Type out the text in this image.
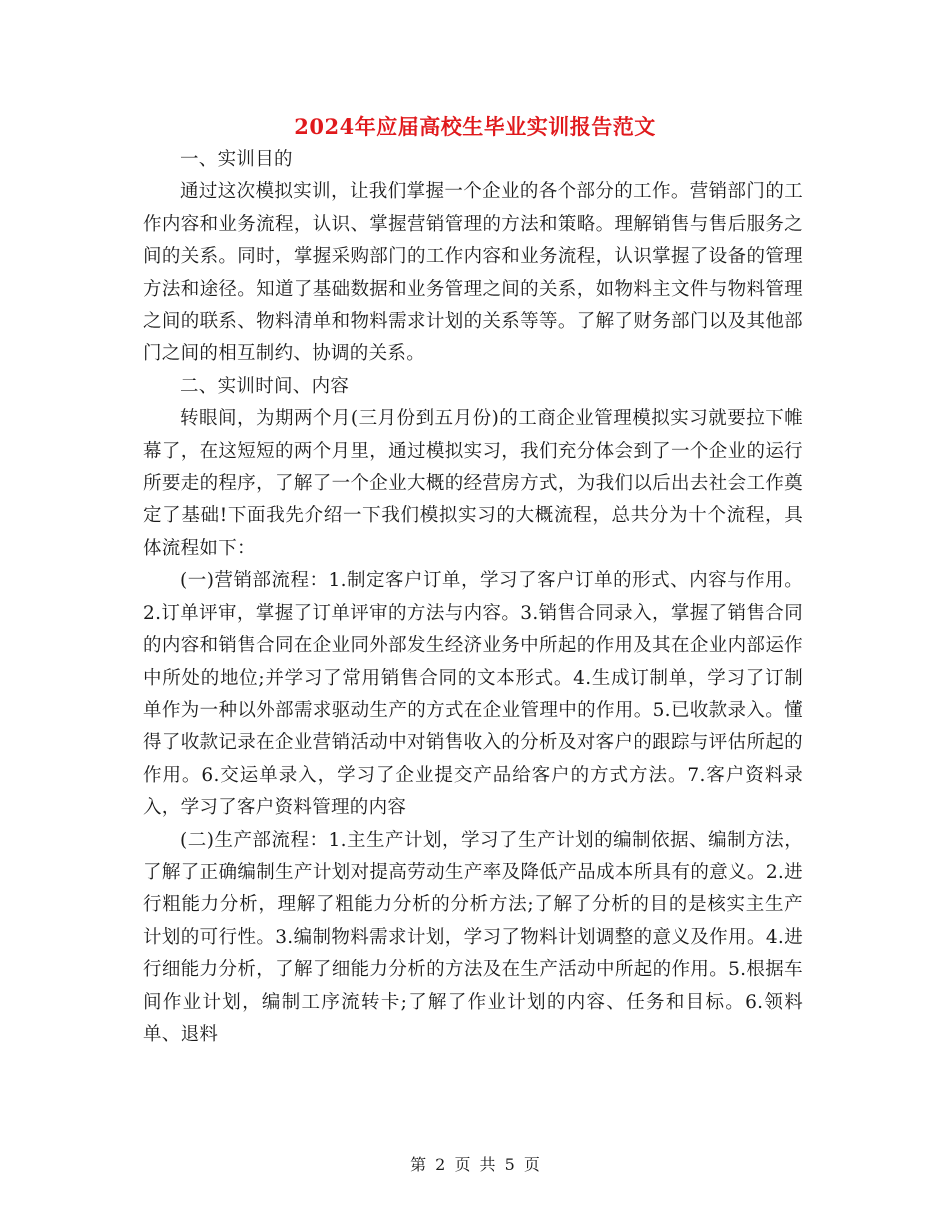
2024年应届高校生毕业实训报告范文

一、实训目的

通过这次模拟实训，让我们掌握一个企业的各个部分的工作。营销部门的工作内容和业务流程，认识、掌握营销管理的方法和策略。理解销售与售后服务之间的关系。同时，掌握采购部门的工作内容和业务流程，认识掌握了设备的管理方法和途径。知道了基础数据和业务管理之间的关系，如物料主文件与物料管理之间的联系、物料清单和物料需求计划的关系等等。了解了财务部门以及其他部门之间的相互制约、协调的关系。

二、实训时间、内容

转眼间，为期两个月(三月份到五月份)的工商企业管理模拟实习就要拉下帷幕了，在这短短的两个月里，通过模拟实习，我们充分体会到了一个企业的运行所要走的程序，了解了一个企业大概的经营房方式，为我们以后出去社会工作奠定了基础!下面我先介绍一下我们模拟实习的大概流程，总共分为十个流程，具体流程如下：

(一)营销部流程：1.制定客户订单，学习了客户订单的形式、内容与作用。2.订单评审，掌握了订单评审的方法与内容。3.销售合同录入，掌握了销售合同的内容和销售合同在企业同外部发生经济业务中所起的作用及其在企业内部运作中所处的地位;并学习了常用销售合同的文本形式。4.生成订制单，学习了订制单作为一种以外部需求驱动生产的方式在企业管理中的作用。5.已收款录入。懂得了收款记录在企业营销活动中对销售收入的分析及对客户的跟踪与评估所起的作用。6.交运单录入，学习了企业提交产品给客户的方式方法。7.客户资料录入，学习了客户资料管理的内容

(二)生产部流程：1.主生产计划，学习了生产计划的编制依据、编制方法，了解了正确编制生产计划对提高劳动生产率及降低产品成本所具有的意义。2.进行粗能力分析，理解了粗能力分析的分析方法;了解了分析的目的是核实主生产计划的可行性。3.编制物料需求计划，学习了物料计划调整的意义及作用。4.进行细能力分析，了解了细能力分析的方法及在生产活动中所起的作用。5.根据车间作业计划，编制工序流转卡;了解了作业计划的内容、任务和目标。6.领料单、退料

第 2 页 共 5 页
